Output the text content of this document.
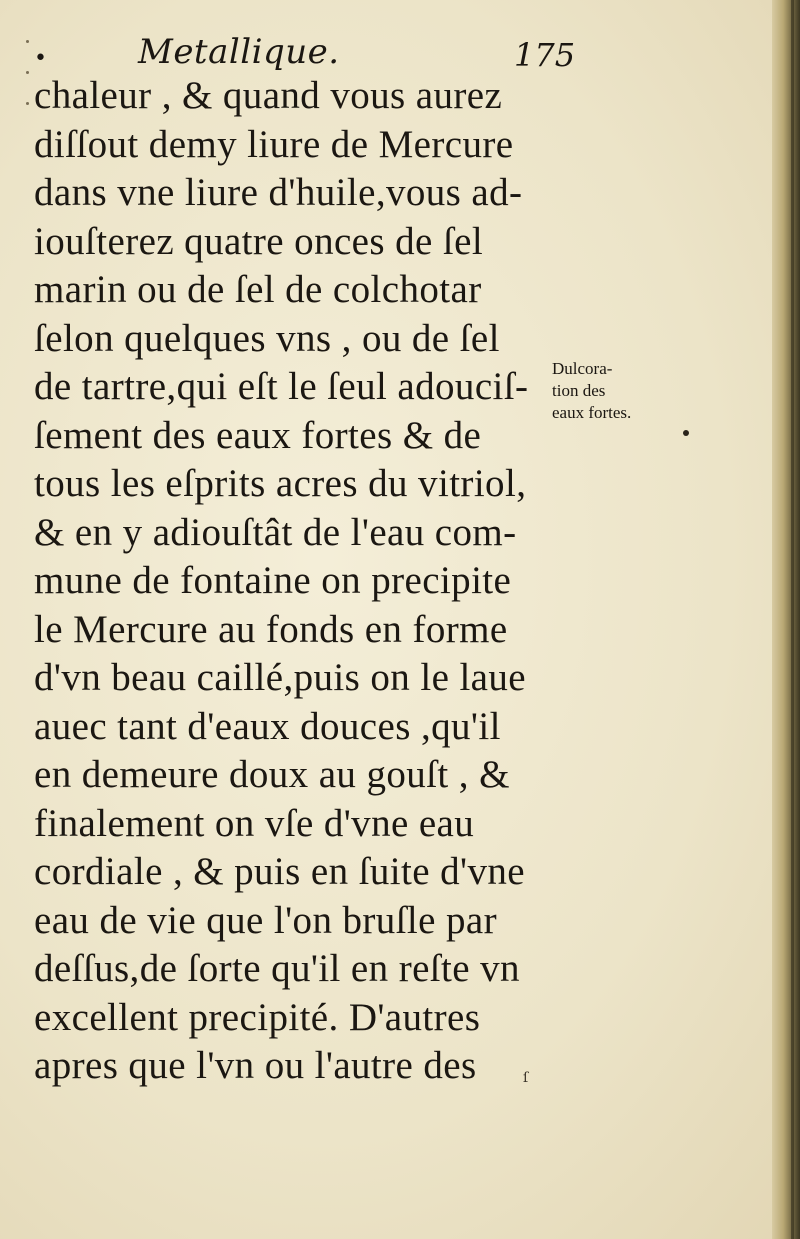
•	Metallique.	175
chaleur , & quand vous aurez
diſſout demy liure de Mercure
dans vne liure d'huile,vous ad-
iouſterez quatre onces de ſel
marin ou de ſel de colchotar
ſelon quelques vns , ou de ſel
de tartre,qui eſt le ſeul adouciſ-
ſement des eaux fortes & de
tous les eſprits acres du vitriol,
& en y adiouſtât de l'eau com-
mune de fontaine on precipite
le Mercure au fonds en forme
d'vn beau caillé,puis on le laue
auec tant d'eaux douces ,qu'il
en demeure doux au gouſt , &
finalement on vſe d'vne eau
cordiale , & puis en ſuite d'vne
eau de vie que l'on bruſle par
deſſus,de ſorte qu'il en reſte vn
excellent precipité. D'autres
apres que l'vn ou l'autre des
Dulcora-
tion des
eaux fortes.
ſ
